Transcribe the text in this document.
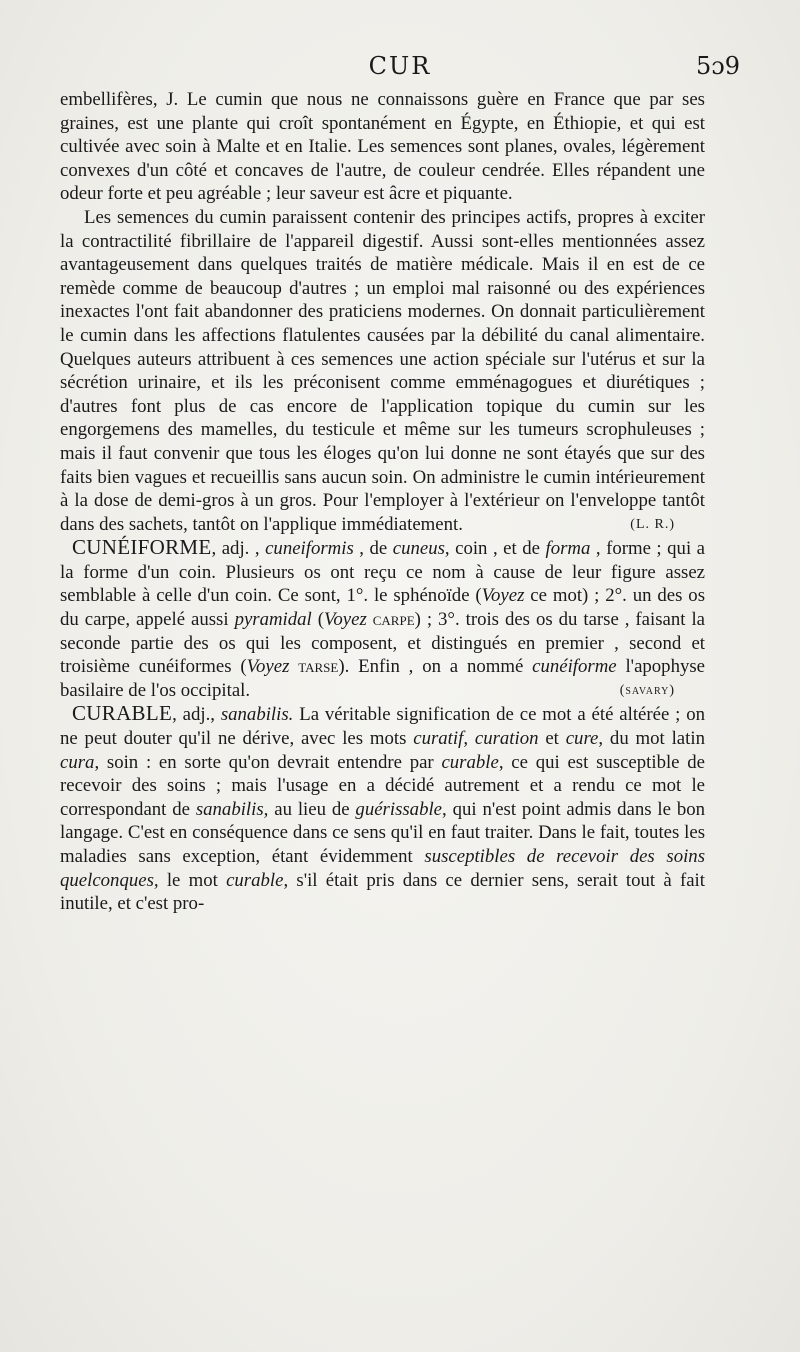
CUR	5ɔ9

embellifères, J. Le cumin que nous ne connaissons guère en France que par ses graines, est une plante qui croît spontanément en Égypte, en Éthiopie, et qui est cultivée avec soin à Malte et en Italie. Les semences sont planes, ovales, légèrement convexes d'un côté et concaves de l'autre, de couleur cendrée. Elles répandent une odeur forte et peu agréable ; leur saveur est âcre et piquante.

Les semences du cumin paraissent contenir des principes actifs, propres à exciter la contractilité fibrillaire de l'appareil digestif. Aussi sont-elles mentionnées assez avantageusement dans quelques traités de matière médicale. Mais il en est de ce remède comme de beaucoup d'autres ; un emploi mal raisonné ou des expériences inexactes l'ont fait abandonner des praticiens modernes. On donnait particulièrement le cumin dans les affections flatulentes causées par la débilité du canal alimentaire. Quelques auteurs attribuent à ces semences une action spéciale sur l'utérus et sur la sécrétion urinaire, et ils les préconisent comme emménagogues et diurétiques ; d'autres font plus de cas encore de l'application topique du cumin sur les engorgemens des mamelles, du testicule et même sur les tumeurs scrophuleuses ; mais il faut convenir que tous les éloges qu'on lui donne ne sont étayés que sur des faits bien vagues et recueillis sans aucun soin. On administre le cumin intérieurement à la dose de demi-gros à un gros. Pour l'employer à l'extérieur on l'enveloppe tantôt dans des sachets, tantôt on l'applique immédiatement.	(L. R.)

CUNÉIFORME, adj. , cuneiformis , de cuneus, coin , et de forma , forme ; qui a la forme d'un coin. Plusieurs os ont reçu ce nom à cause de leur figure assez semblable à celle d'un coin. Ce sont, 1°. le sphénoïde (Voyez ce mot) ; 2°. un des os du carpe, appelé aussi pyramidal (Voyez carpe) ; 3°. trois des os du tarse , faisant la seconde partie des os qui les composent, et distingués en premier , second et troisième cunéiformes (Voyez tarse). Enfin , on a nommé cunéiforme l'apophyse basilaire de l'os occipital.	(savary)

CURABLE, adj., sanabilis. La véritable signification de ce mot a été altérée ; on ne peut douter qu'il ne dérive, avec les mots curatif, curation et cure, du mot latin cura, soin : en sorte qu'on devrait entendre par curable, ce qui est susceptible de recevoir des soins ; mais l'usage en a décidé autrement et a rendu ce mot le correspondant de sanabilis, au lieu de guérissable, qui n'est point admis dans le bon langage. C'est en conséquence dans ce sens qu'il en faut traiter. Dans le fait, toutes les maladies sans exception, étant évidemment susceptibles de recevoir des soins quelconques, le mot curable, s'il était pris dans ce dernier sens, serait tout à fait inutile, et c'est pro-
